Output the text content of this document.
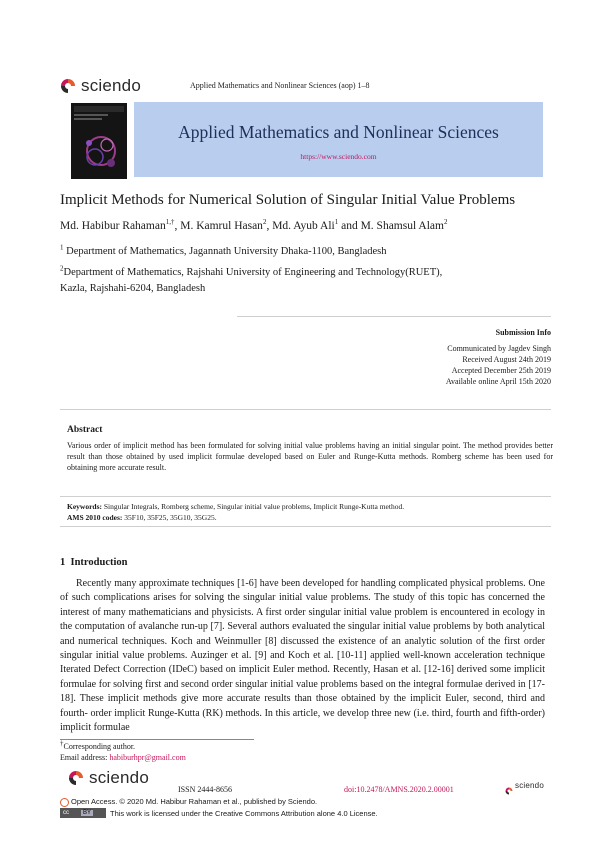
sciendo	Applied Mathematics and Nonlinear Sciences (aop) 1–8
Applied Mathematics and Nonlinear Sciences
https://www.sciendo.com
Implicit Methods for Numerical Solution of Singular Initial Value Problems
Md. Habibur Rahaman$^{1,\dagger}$, M. Kamrul Hasan$^2$, Md. Ayub Ali$^1$ and M. Shamsul Alam$^2$
$^1$ Department of Mathematics, Jagannath University Dhaka-1100, Bangladesh
$^2$Department of Mathematics, Rajshahi University of Engineering and Technology(RUET),
Kazla, Rajshahi-6204, Bangladesh
Submission Info
Communicated by Jagdev Singh
Received August 24th 2019
Accepted December 25th 2019
Available online April 15th 2020
Abstract
Various order of implicit method has been formulated for solving initial value problems having an initial singular point. The method provides better result than those obtained by used implicit formulae developed based on Euler and Runge-Kutta methods. Romberg scheme has been used for obtaining more accurate result.
Keywords: Singular Integrals, Romberg scheme, Singular initial value problems, Implicit Runge-Kutta method.
AMS 2010 codes: 35F10, 35F25, 35G10, 35G25.
1 Introduction

Recently many approximate techniques [1-6] have been developed for handling complicated physical problems. One of such complications arises for solving the singular initial value problems. The study of this topic has concerned the interest of many mathematicians and physicists. A first order singular initial value problem is encountered in ecology in the computation of avalanche run-up [7]. Several authors evaluated the singular initial value problems by both analytical and numerical techniques. Koch and Weinmuller [8] discussed the existence of an analytic solution of the first order singular initial value problems. Auzinger et al. [9] and Koch et al. [10-11] applied well-known acceleration technique Iterated Defect Correction (IDeC) based on implicit Euler method. Recently, Hasan et al. [12-16] derived some implicit formulae for solving first and second order singular initial value problems based on the integral formulae derived in [17-18]. These implicit methods give more accurate results than those obtained by the implicit Euler, second, third and fourth- order implicit Runge-Kutta (RK) methods. In this article, we develop three new (i.e. third, fourth and fifth-order) implicit formulae

†Corresponding author.
Email address: habiburhpr@gmail.com
sciendo
ISSN 2444-8656	doi:10.2478/AMNS.2020.2.00001	sciendo
Open Access. © 2020 Md. Habibur Rahaman et al., published by Sciendo.
cc	BY	This work is licensed under the Creative Commons Attribution alone 4.0 License.
